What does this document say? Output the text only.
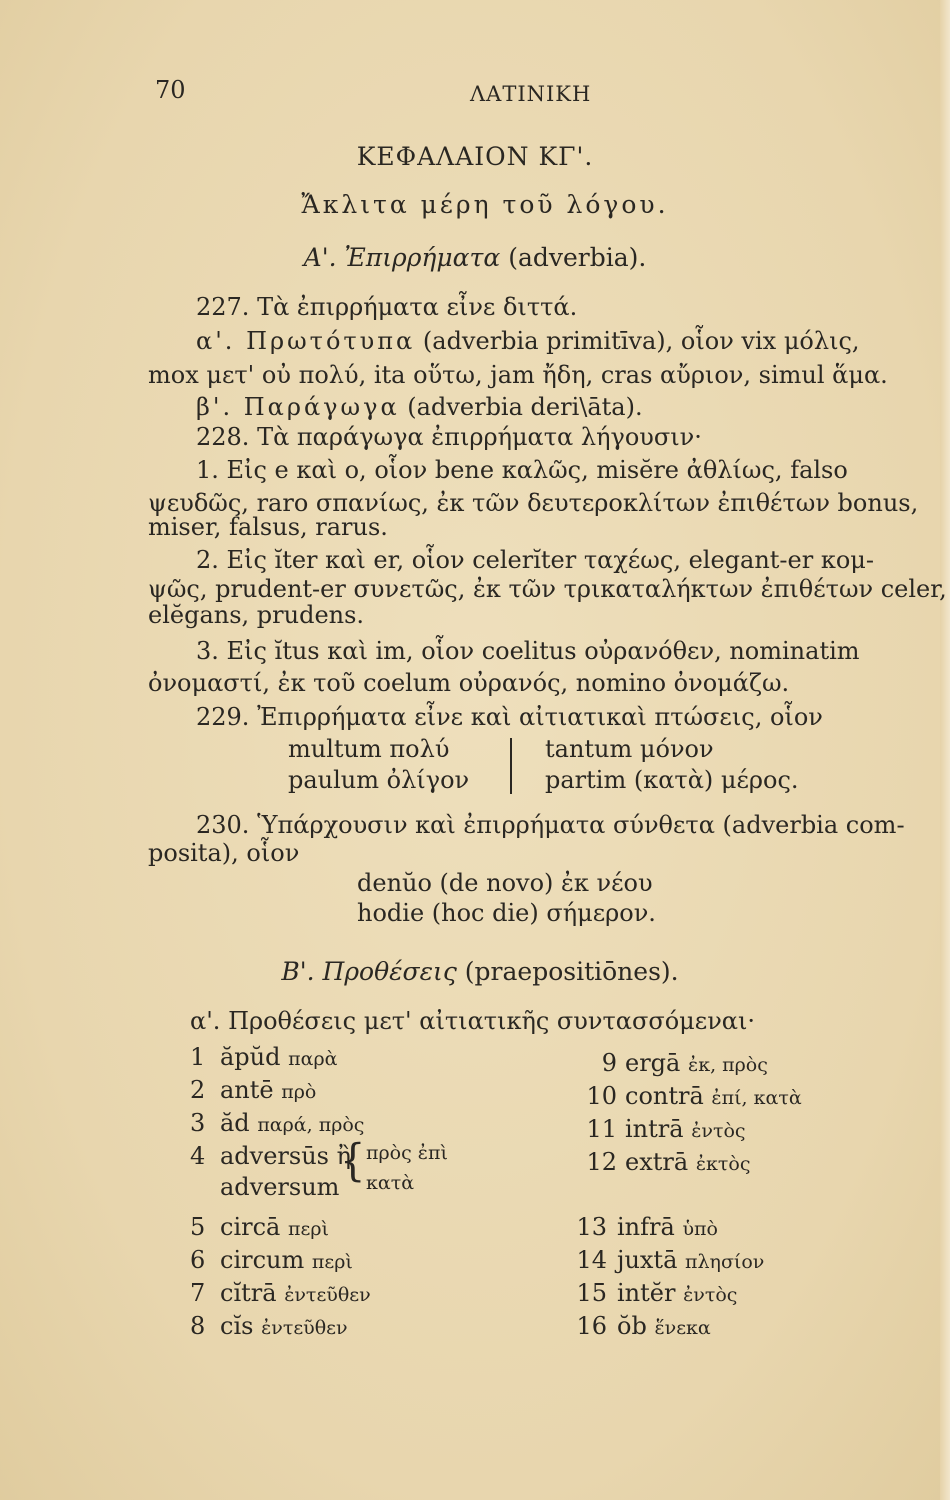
70	ΛΑΤΙΝΙΚΗ
ΚΕΦΑΛΑΙΟΝ ΚΓ'.
Ἄκλιτα μέρη τοῦ λόγου.
Α'. Ἐπιρρήματα (adverbia).
227. Τὰ ἐπιρρήματα εἶνε διττά.
α'. Πρωτότυπα (adverbia primitīva), οἷον vix μόλις,
mox μετ' οὐ πολύ, ita οὕτω, jam ἤδη, cras αὔριον, simul ἅμα.
β'. Παράγωγα (adverbia deri\āta).
228. Τὰ παράγωγα ἐπιρρήματα λήγουσιν·
1. Εἰς e καὶ o, οἷον bene καλῶς, misĕre ἀθλίως, falso
ψευδῶς, raro σπανίως, ἐκ τῶν δευτεροκλίτων ἐπιθέτων bonus,
miser, falsus, rarus.
2. Εἰς ĭter καὶ er, οἷον celerĭter ταχέως, elegant-er κομ-
ψῶς, prudent-er συνετῶς, ἐκ τῶν τρικαταλήκτων ἐπιθέτων celer,
elĕgans, prudens.
3. Εἰς ĭtus καὶ im, οἷον coelitus οὐρανόθεν, nominatim
ὀνομαστί, ἐκ τοῦ coelum οὐρανός, nomino ὀνομάζω.
229. Ἐπιρρήματα εἶνε καὶ αἰτιατικαὶ πτώσεις, οἷον
multum πολύ
paulum ὀλίγον
tantum μόνον
partim (κατὰ) μέρος.
230. Ὑπάρχουσιν καὶ ἐπιρρήματα σύνθετα (adverbia com-
posita), οἷον
denŭo (de novo) ἐκ νέου
hodie (hoc die) σήμερον.
Β'. Προθέσεις (praepositiōnes).
α'. Προθέσεις μετ' αἰτιατικῆς συντασσόμεναι·
1 ăpŭd παρὰ
2 antē πρὸ
3 ăd παρά, πρὸς
4 adversūs ἢ
adversum
{ πρὸς ἐπὶ
κατὰ
5 circā περὶ
6 circum περὶ
7 cĭtrā ἐντεῦθεν
8 cĭs ἐντεῦθεν
9 ergā ἐκ, πρὸς
10 contrā ἐπί, κατὰ
11 intrā ἐντὸς
12 extrā ἐκτὸς
13 infrā ὑπὸ
14 juxtā πλησίον
15 intĕr ἐντὸς
16 ŏb ἕνεκα
